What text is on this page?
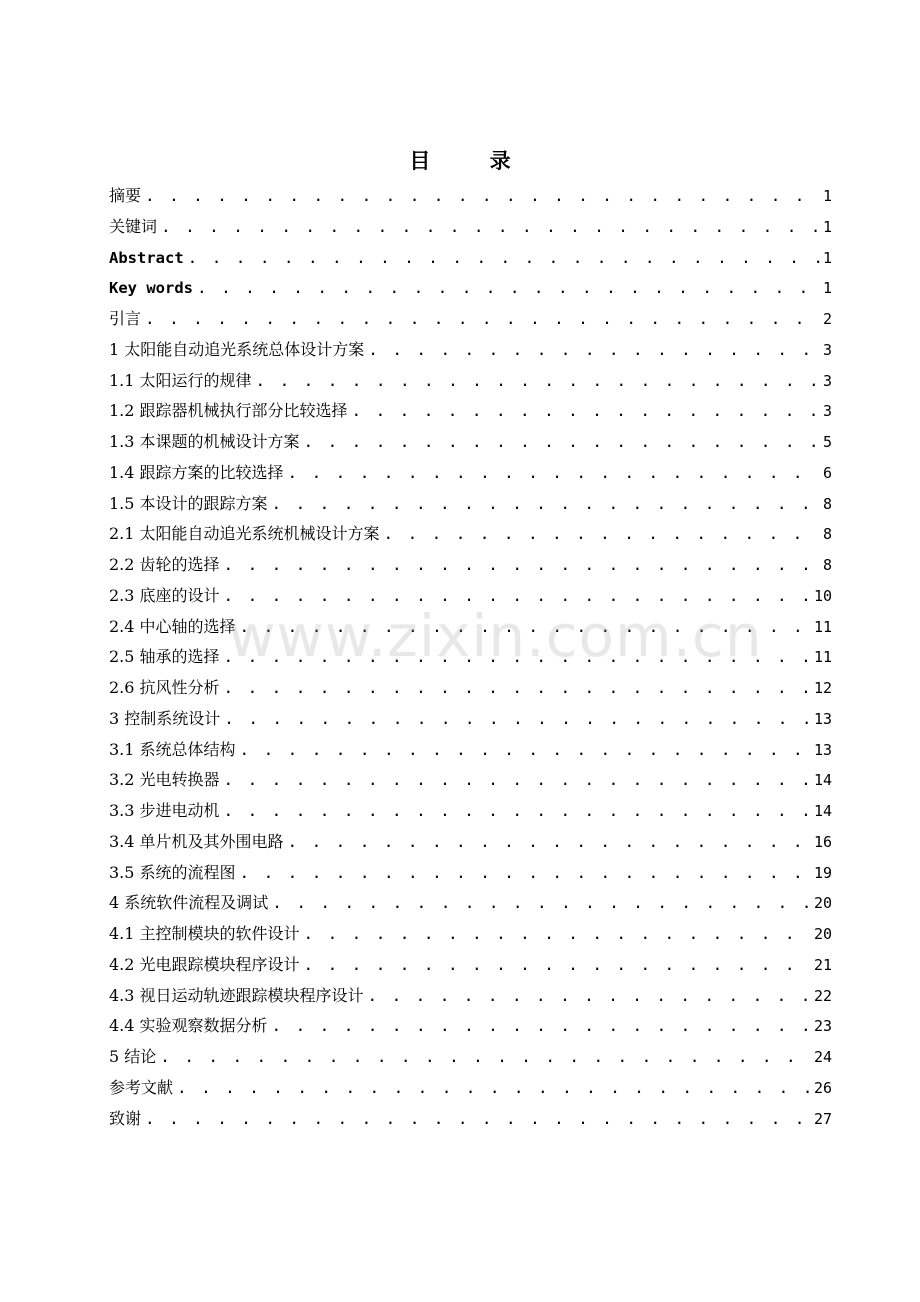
目 录
摘要 . . .	1
关键词 . . .	1
Abstract . . .	1
Key words . . .	1
引言 . . .	2
1 太阳能自动追光系统总体设计方案 . . .	3
1.1 太阳运行的规律 . . .	3
1.2 跟踪器机械执行部分比较选择 . . .	3
1.3 本课题的机械设计方案 . . .	5
1.4 跟踪方案的比较选择 . . .	6
1.5 本设计的跟踪方案 . . .	8
2.1 太阳能自动追光系统机械设计方案 . . .	8
2.2 齿轮的选择 . . .	8
2.3 底座的设计 . . .	10
2.4 中心轴的选择 . . .	11
2.5 轴承的选择 . . .	11
2.6 抗风性分析 . . .	12
3 控制系统设计 . . .	13
3.1 系统总体结构 . . .	13
3.2 光电转换器 . . .	14
3.3 步进电动机 . . .	14
3.4 单片机及其外围电路 . . .	16
3.5 系统的流程图 . . .	19
4 系统软件流程及调试 . . .	20
4.1 主控制模块的软件设计 . . .	20
4.2 光电跟踪模块程序设计 . . .	21
4.3 视日运动轨迹跟踪模块程序设计 . . .	22
4.4 实验观察数据分析 . . .	23
5 结论 . . .	24
参考文献 . . .	26
致谢 . . .	27
www.zixin.com.cn
